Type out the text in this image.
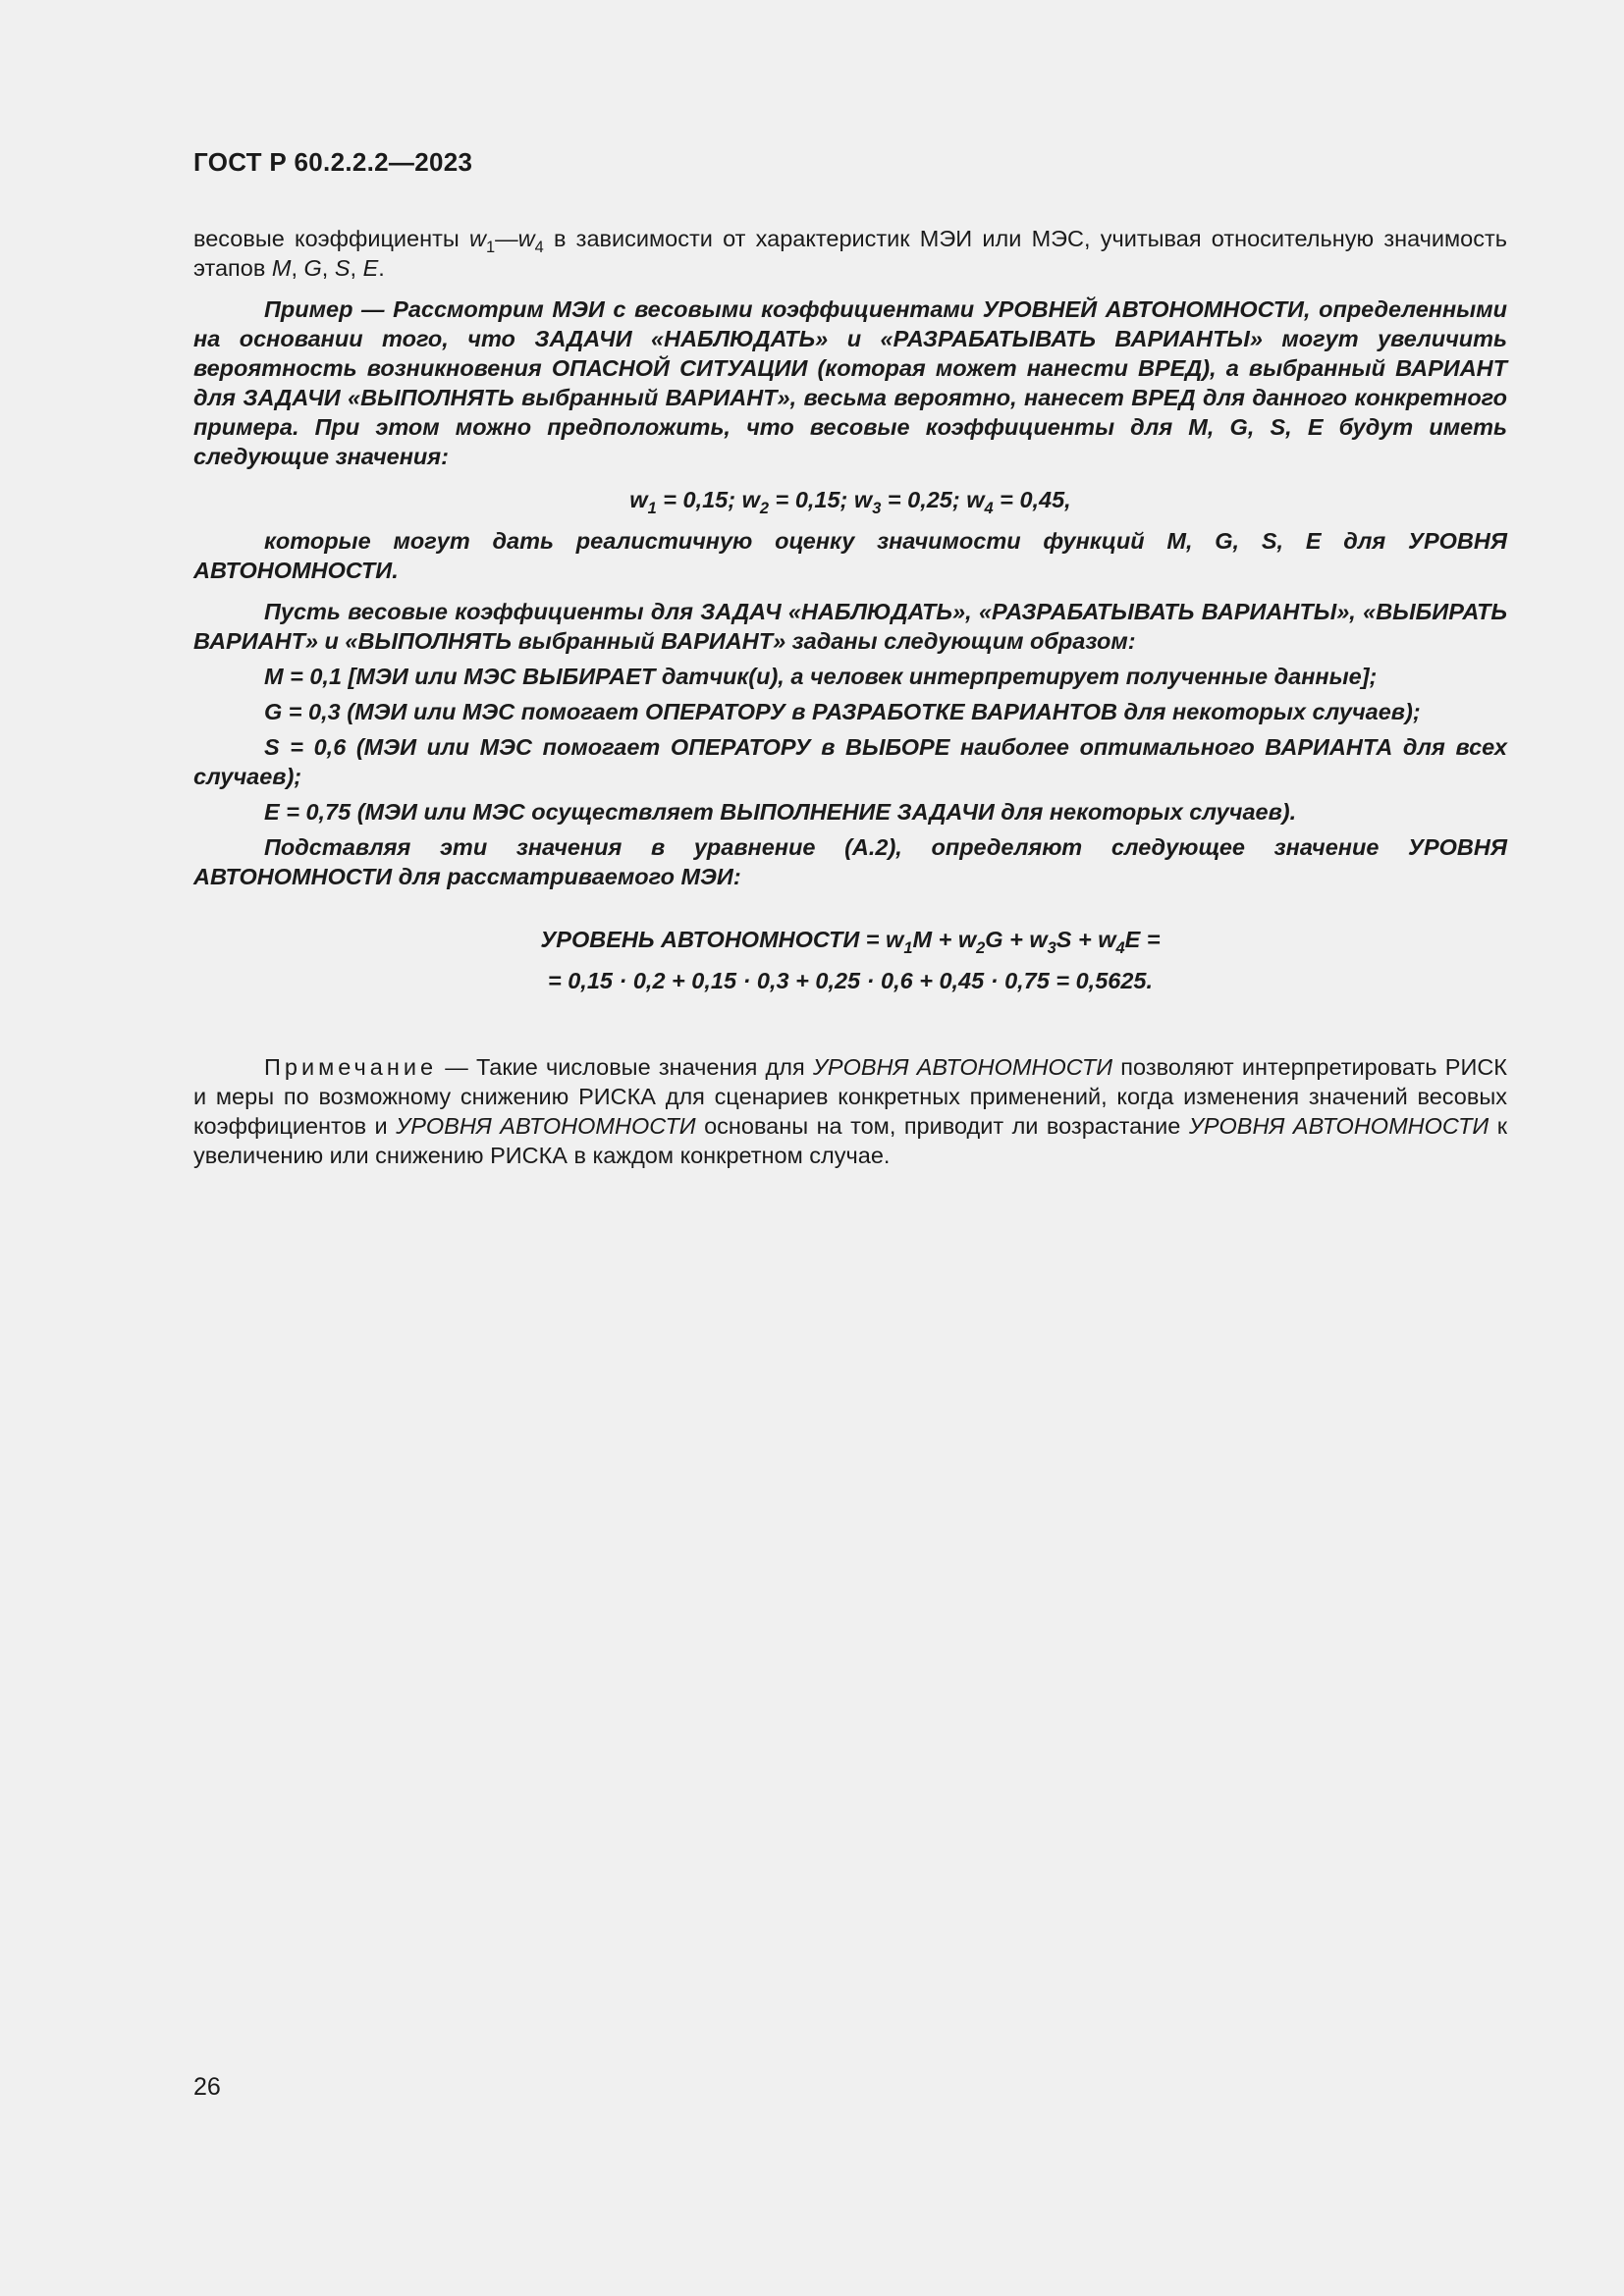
ГОСТ Р 60.2.2.2—2023

весовые коэффициенты $w_1—w_4$ в зависимости от характеристик МЭИ или МЭС, учитывая относительную значимость этапов M, G, S, E.

Пример — Рассмотрим МЭИ с весовыми коэффициентами УРОВНЕЙ АВТОНОМНОСТИ, определенными на основании того, что ЗАДАЧИ «НАБЛЮДАТЬ» и «РАЗРАБАТЫВАТЬ ВАРИАНТЫ» могут увеличить вероятность возникновения ОПАСНОЙ СИТУАЦИИ (которая может нанести ВРЕД), а выбранный ВАРИАНТ для ЗАДАЧИ «ВЫПОЛНЯТЬ выбранный ВАРИАНТ», весьма вероятно, нанесет ВРЕД для данного конкретного примера. При этом можно предположить, что весовые коэффициенты для M, G, S, E будут иметь следующие значения:

$w_1 = 0,15$; $w_2 = 0,15$; $w_3 = 0,25$; $w_4 = 0,45$,

которые могут дать реалистичную оценку значимости функций M, G, S, E для УРОВНЯ АВТОНОМНОСТИ.

Пусть весовые коэффициенты для ЗАДАЧ «НАБЛЮДАТЬ», «РАЗРАБАТЫВАТЬ ВАРИАНТЫ», «ВЫБИРАТЬ ВАРИАНТ» и «ВЫПОЛНЯТЬ выбранный ВАРИАНТ» заданы следующим образом:

M = 0,1 [МЭИ или МЭС ВЫБИРАЕТ датчик(и), а человек интерпретирует полученные данные];

G = 0,3 (МЭИ или МЭС помогает ОПЕРАТОРУ в РАЗРАБОТКЕ ВАРИАНТОВ для некоторых случаев);

S = 0,6 (МЭИ или МЭС помогает ОПЕРАТОРУ в ВЫБОРЕ наиболее оптимального ВАРИАНТА для всех случаев);

E = 0,75 (МЭИ или МЭС осуществляет ВЫПОЛНЕНИЕ ЗАДАЧИ для некоторых случаев).

Подставляя эти значения в уравнение (А.2), определяют следующее значение УРОВНЯ АВТОНОМНОСТИ для рассматриваемого МЭИ:

УРОВЕНЬ АВТОНОМНОСТИ = $w_1M + w_2G + w_3S + w_4E$ =

= 0,15 · 0,2 + 0,15 · 0,3 + 0,25 · 0,6 + 0,45 · 0,75 = 0,5625.

Примечание — Такие числовые значения для УРОВНЯ АВТОНОМНОСТИ позволяют интерпретировать РИСК и меры по возможному снижению РИСКА для сценариев конкретных применений, когда изменения значений весовых коэффициентов и УРОВНЯ АВТОНОМНОСТИ основаны на том, приводит ли возрастание УРОВНЯ АВТОНОМНОСТИ к увеличению или снижению РИСКА в каждом конкретном случае.

26
